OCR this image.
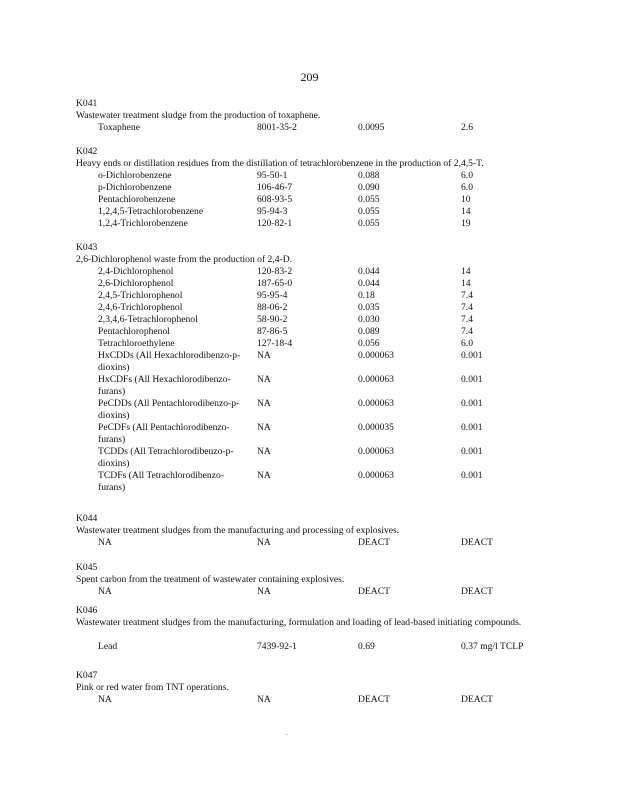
209
K041
Wastewater treatment sludge from the production of toxaphene.
Toxaphene	8001-35-2	0.0095	2.6
K042
Heavy ends or distillation residues from the distillation of tetrachlorobenzene in the production of 2,4,5-T.
o-Dichlorobenzene	95-50-1	0.088	6.0
p-Dichlorobenzene	106-46-7	0.090	6.0
Pentachlorobenzene	608-93-5	0.055	10
1,2,4,5-Tetrachlorobenzene	95-94-3	0.055	14
1,2,4-Trichlorobenzene	120-82-1	0.055	19
K043
2,6-Dichlorophenol waste from the production of 2,4-D.
2,4-Dichlorophenol	120-83-2	0.044	14
2,6-Dichlorophenol	187-65-0	0.044	14
2,4,5-Trichlorophenol	95-95-4	0.18	7.4
2,4,6-Trichlorophenol	88-06-2	0.035	7.4
2,3,4,6-Tetrachlorophenol	58-90-2	0.030	7.4
Pentachlorophenol	87-86-5	0.089	7.4
Tetrachloroethylene	127-18-4	0.056	6.0
HxCDDs (All Hexachlorodibenzo-p-dioxins)
NA	0.000063	0.001
HxCDFs (All Hexachlorodibenzo-furans)
NA	0.000063	0.001
PeCDDs (All Pentachlorodibenzo-p-dioxins)
NA	0.000063	0.001
PeCDFs (All Pentachlorodibenzo-furans)
NA	0.000035	0.001
TCDDs (All Tetrachlorodibenzo-p-dioxins)
NA	0.000063	0.001
TCDFs (All Tetrachlorodibenzo-furans)
NA	0.000063	0.001
K044
Wastewater treatment sludges from the manufacturing and processing of explosives.
NA	NA	DEACT	DEACT
K045
Spent carbon from the treatment of wastewater containing explosives.
NA	NA	DEACT	DEACT
K046
Wastewater treatment sludges from the manufacturing, formulation and loading of lead-based initiating compounds.
Lead	7439-92-1	0.69	0.37 mg/l TCLP
K047
Pink or red water from TNT operations.
NA	NA	DEACT	DEACT
.
